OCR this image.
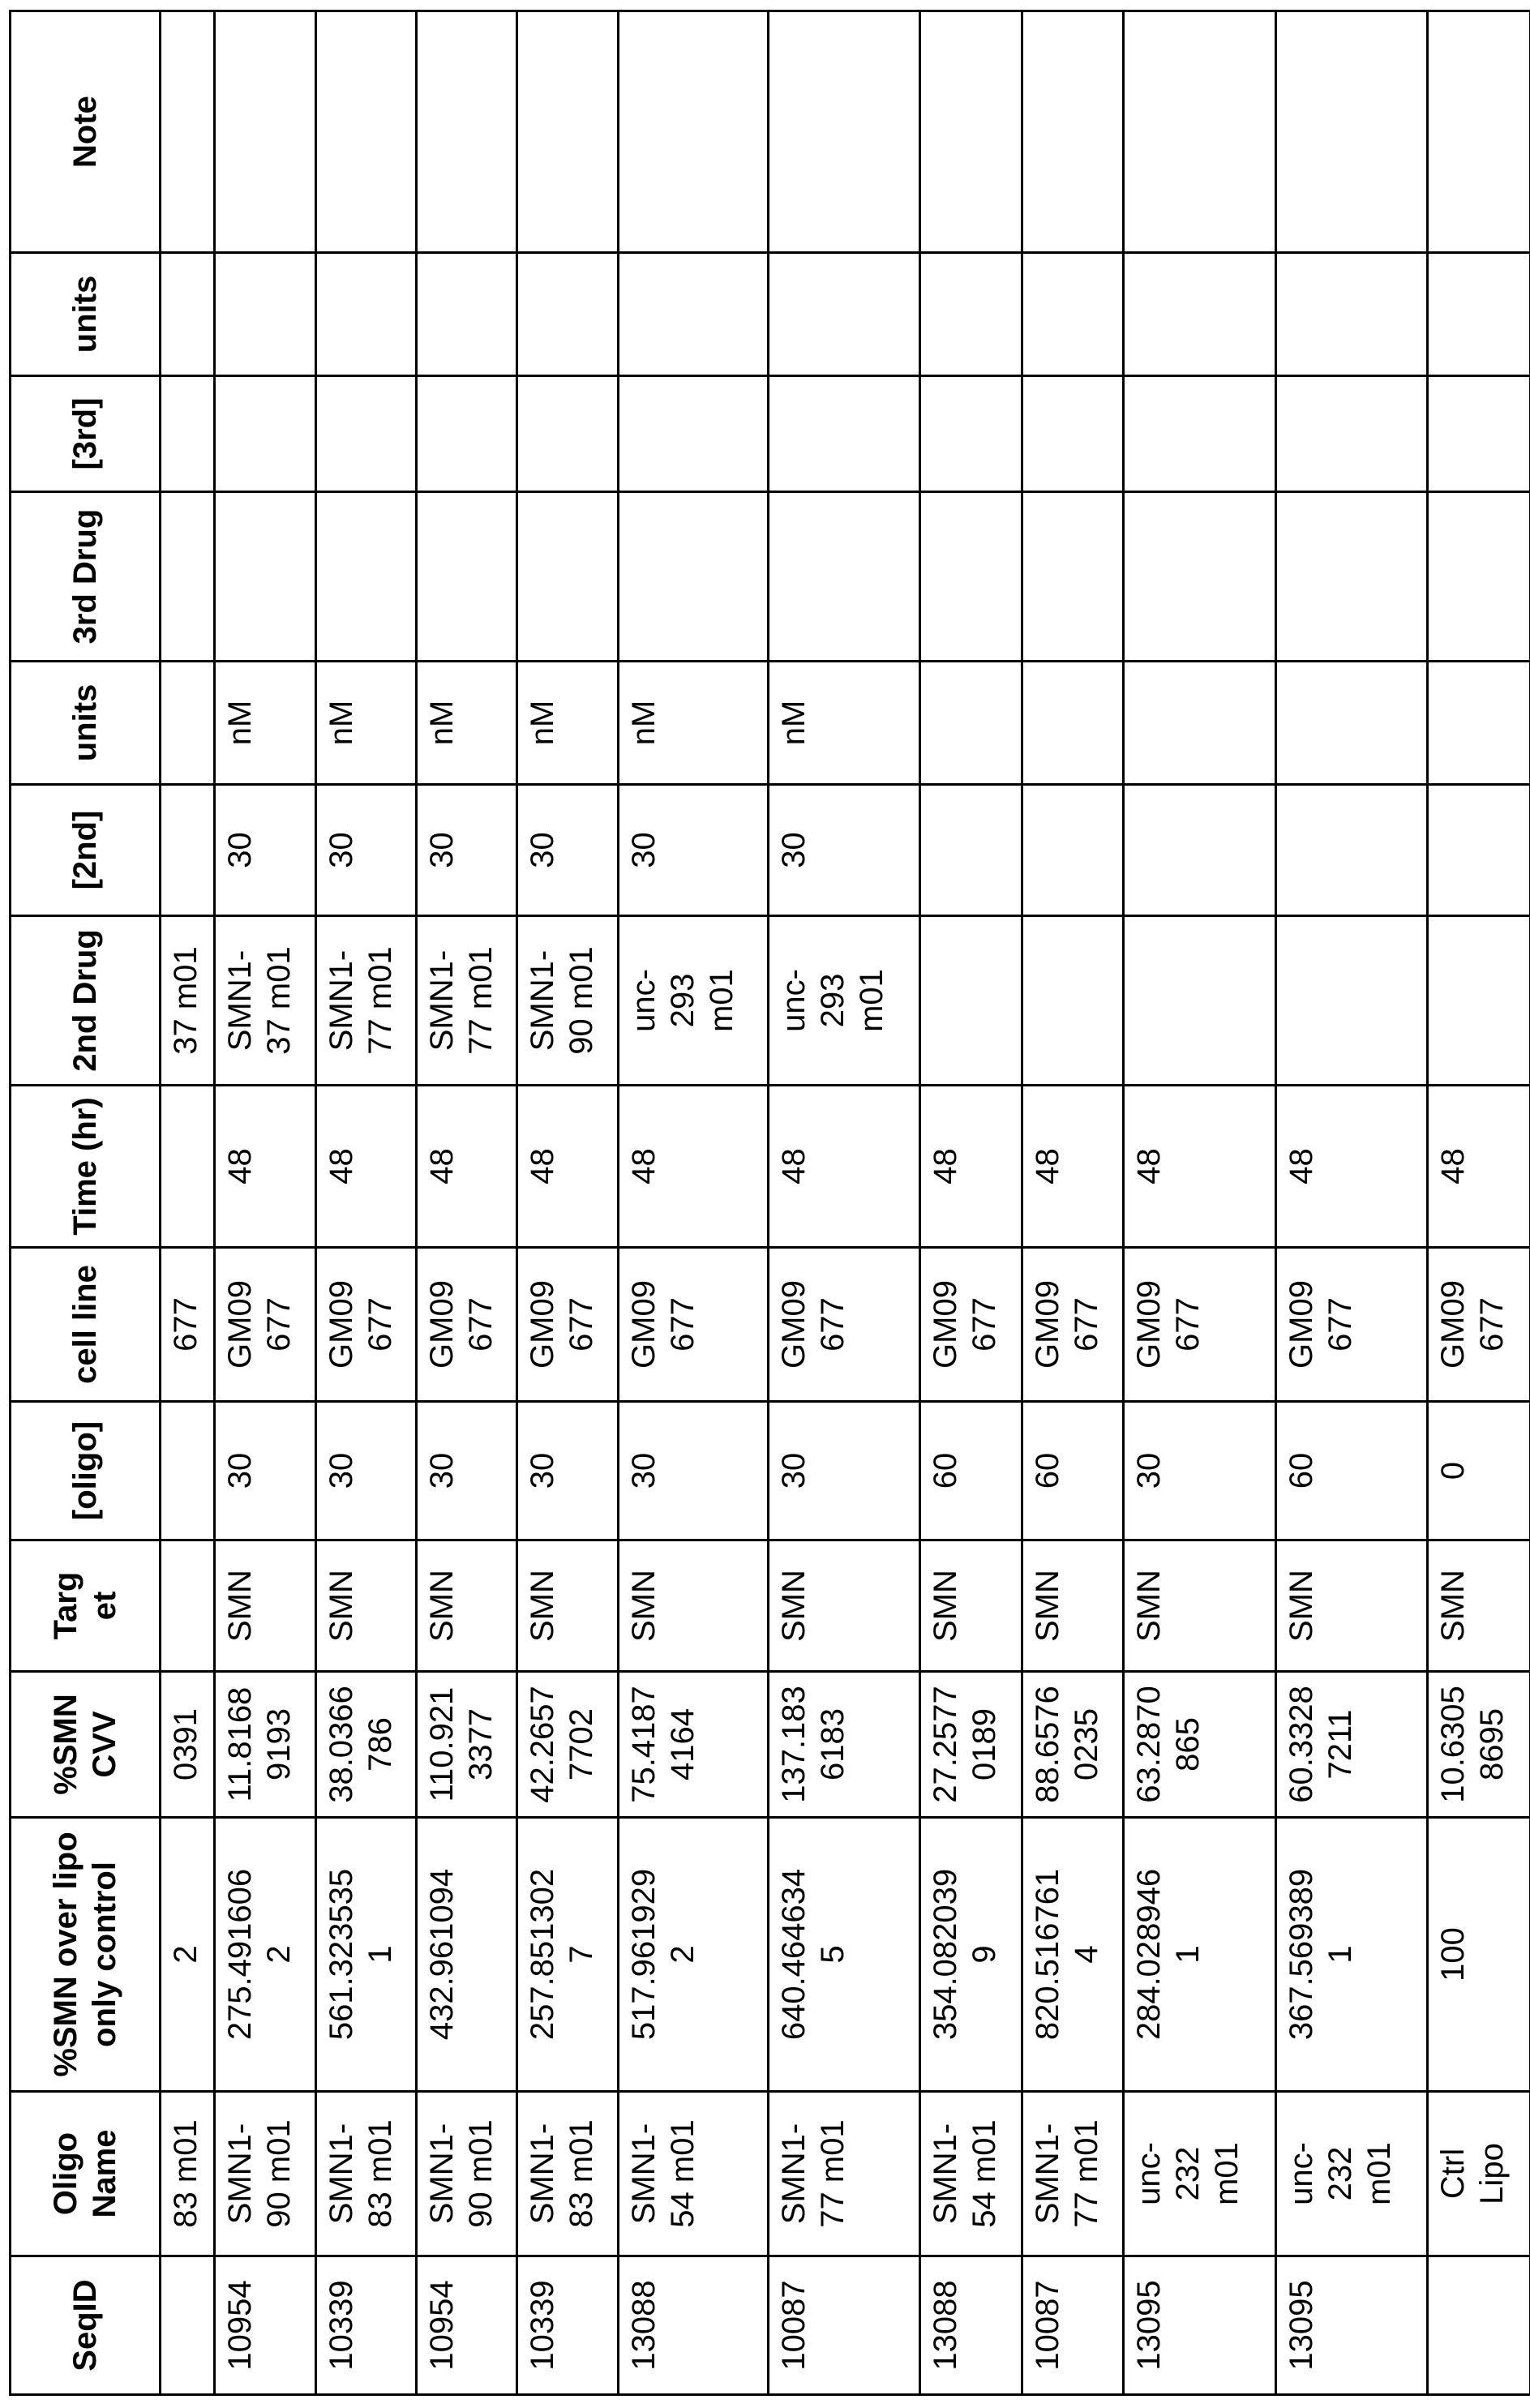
SeqID	Oligo Name	%SMN over lipo only control	%SMN CVV	Target	[oligo]	cell line	Time (hr)	2nd Drug	[2nd]	units	3rd Drug	[3rd]	units	Note
	83 m01	2	0391			677		37 m01						
10954	SMN1-90 m01	275.4916062	11.81689193	SMN	30	GM09677	48	SMN1-37 m01	30	nM				
10339	SMN1-83 m01	561.3235351	38.0366786	SMN	30	GM09677	48	SMN1-77 m01	30	nM				
10954	SMN1-90 m01	432.961094	110.9213377	SMN	30	GM09677	48	SMN1-77 m01	30	nM				
10339	SMN1-83 m01	257.8513027	42.26577702	SMN	30	GM09677	48	SMN1-90 m01	30	nM				
13088	SMN1-54 m01	517.9619292	75.41874164	SMN	30	GM09677	48	unc-293 m01	30	nM				
10087	SMN1-77 m01	640.4646345	137.1836183	SMN	30	GM09677	48	unc-293 m01	30	nM				
13088	SMN1-54 m01	354.0820399	27.25770189	SMN	60	GM09677	48							
10087	SMN1-77 m01	820.5167614	88.65760235	SMN	60	GM09677	48							
13095	unc-232 m01	284.0289461	63.2870865	SMN	30	GM09677	48							
13095	unc-232 m01	367.5693891	60.33287211	SMN	60	GM09677	48							
	Ctrl Lipo	100	10.63058695	SMN	0	GM09677	48							
